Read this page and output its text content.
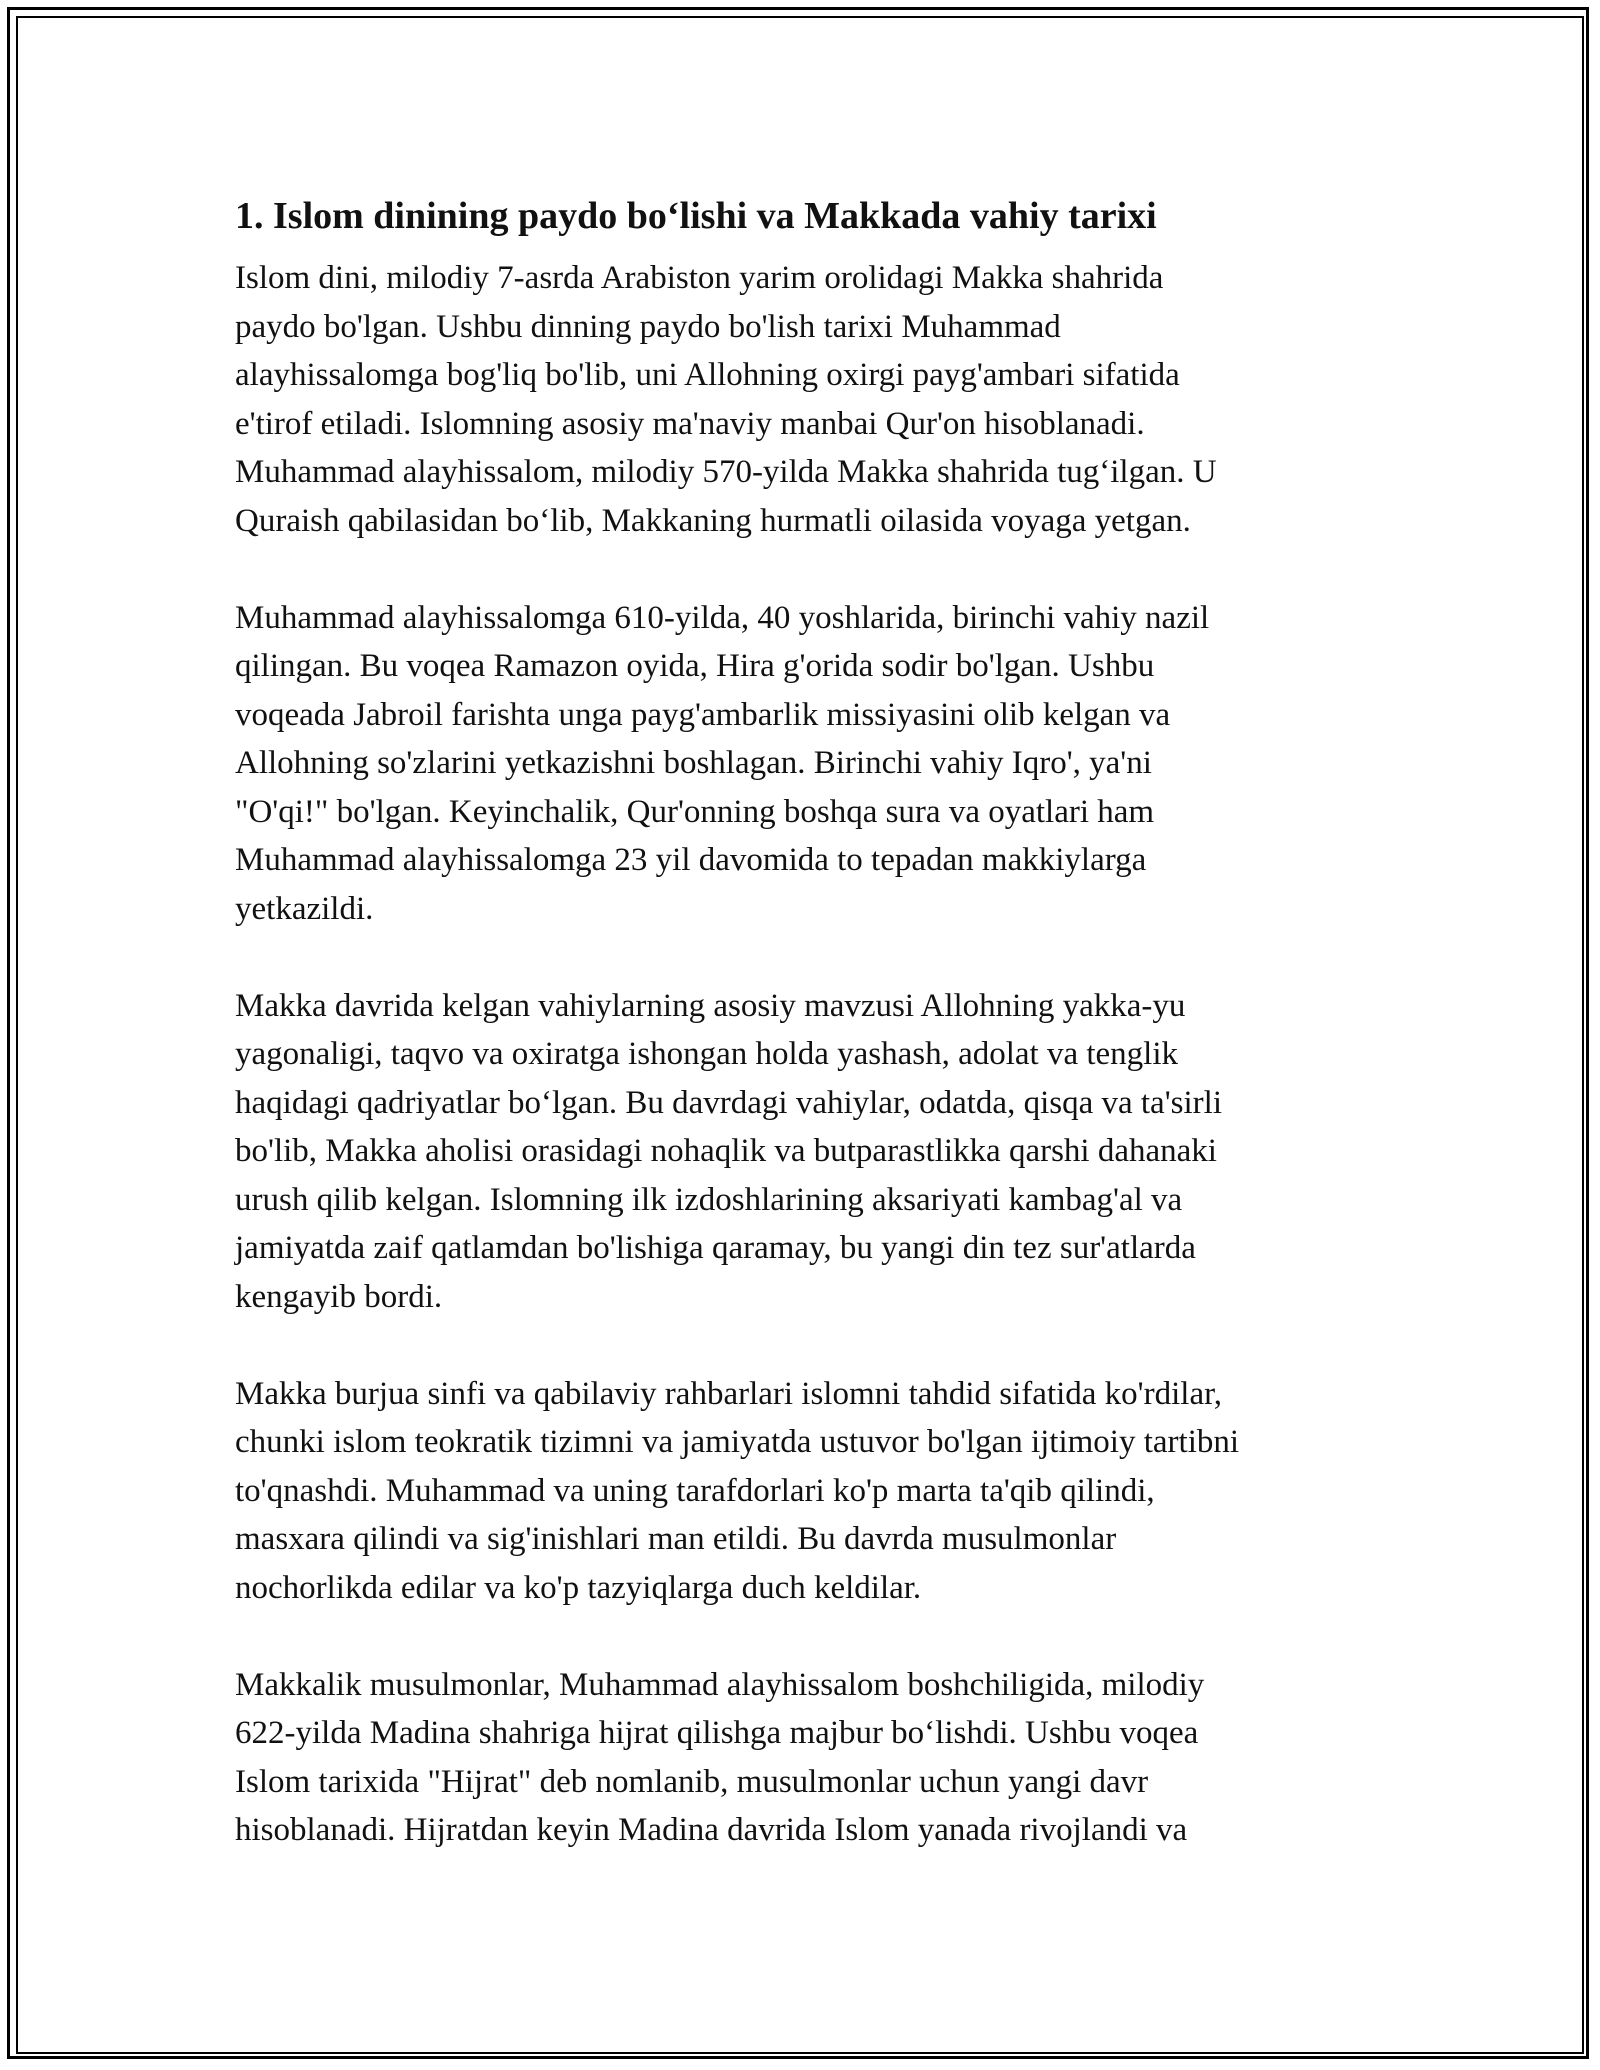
1. Islom dinining paydo bo‘lishi va Makkada vahiy tarixi
Islom dini, milodiy 7-asrda Arabiston yarim orolidagi Makka shahrida
paydo bo'lgan. Ushbu dinning paydo bo'lish tarixi Muhammad
alayhissalomga bog'liq bo'lib, uni Allohning oxirgi payg'ambari sifatida
e'tirof etiladi. Islomning asosiy ma'naviy manbai Qur'on hisoblanadi.
Muhammad alayhissalom, milodiy 570-yilda Makka shahrida tug‘ilgan. U
Quraish qabilasidan bo‘lib, Makkaning hurmatli oilasida voyaga yetgan.
Muhammad alayhissalomga 610-yilda, 40 yoshlarida, birinchi vahiy nazil
qilingan. Bu voqea Ramazon oyida, Hira g'orida sodir bo'lgan. Ushbu
voqeada Jabroil farishta unga payg'ambarlik missiyasini olib kelgan va
Allohning so'zlarini yetkazishni boshlagan. Birinchi vahiy Iqro', ya'ni
"O'qi!" bo'lgan. Keyinchalik, Qur'onning boshqa sura va oyatlari ham
Muhammad alayhissalomga 23 yil davomida to tepadan makkiylarga
yetkazildi.
Makka davrida kelgan vahiylarning asosiy mavzusi Allohning yakka-yu
yagonaligi, taqvo va oxiratga ishongan holda yashash, adolat va tenglik
haqidagi qadriyatlar bo‘lgan. Bu davrdagi vahiylar, odatda, qisqa va ta'sirli
bo'lib, Makka aholisi orasidagi nohaqlik va butparastlikka qarshi dahanaki
urush qilib kelgan. Islomning ilk izdoshlarining aksariyati kambag'al va
jamiyatda zaif qatlamdan bo'lishiga qaramay, bu yangi din tez sur'atlarda
kengayib bordi.
Makka burjua sinfi va qabilaviy rahbarlari islomni tahdid sifatida ko'rdilar,
chunki islom teokratik tizimni va jamiyatda ustuvor bo'lgan ijtimoiy tartibni
to'qnashdi. Muhammad va uning tarafdorlari ko'p marta ta'qib qilindi,
masxara qilindi va sig'inishlari man etildi. Bu davrda musulmonlar
nochorlikda edilar va ko'p tazyiqlarga duch keldilar.
Makkalik musulmonlar, Muhammad alayhissalom boshchiligida, milodiy
622-yilda Madina shahriga hijrat qilishga majbur bo‘lishdi. Ushbu voqea
Islom tarixida "Hijrat" deb nomlanib, musulmonlar uchun yangi davr
hisoblanadi. Hijratdan keyin Madina davrida Islom yanada rivojlandi va
